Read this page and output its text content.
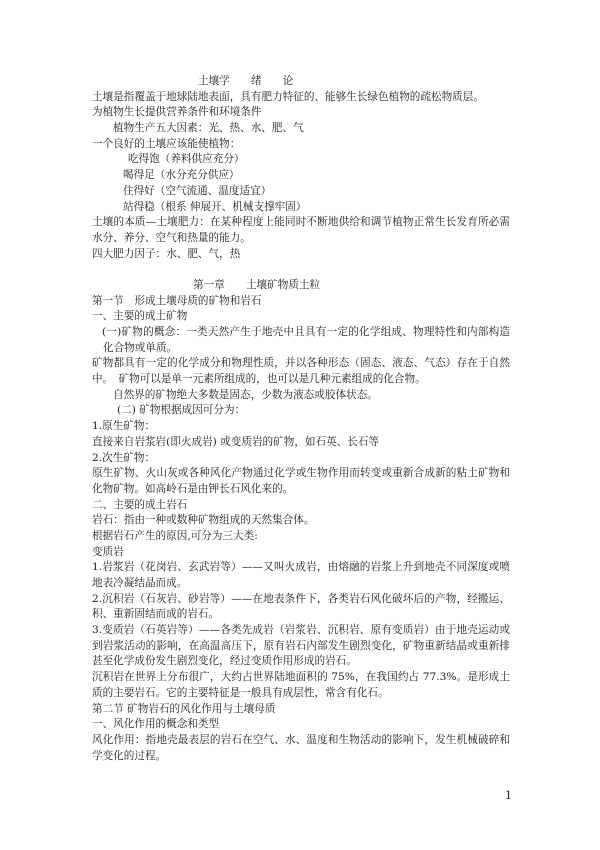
土壤学　　绪　　论
土壤是指覆盖于地球陆地表面，具有肥力特征的、能够生长绿色植物的疏松物质层。
为植物生长提供营养条件和环境条件
植物生产五大因素：光、热、水、肥、气
一个良好的土壤应该能使植物：
吃得饱（养料供应充分）
喝得足（水分充分供应）
住得好（空气流通、温度适宜）
站得稳（根系 伸展开、机械支撑牢固）
土壤的本质—土壤肥力：在某种程度上能同时不断地供给和调节植物正常生长发育所必需
水分、养分、空气和热量的能力。
四大肥力因子：水、肥、气，热
第一章　　土壤矿物质土粒
第一节　形成土壤母质的矿物和岩石
一、主要的成土矿物
(一)矿物的概念：一类天然产生于地壳中且具有一定的化学组成、物理特性和内部构造
化合物或单质。
矿物都具有一定的化学成分和物理性质，并以各种形态（固态、液态、气态）存在于自然
中。　矿物可以是单一元素所组成的，也可以是几种元素组成的化合物。
自然界的矿物绝大多数是固态，少数为液态或胶体状态。
(二) 矿物根据成因可分为：
1.原生矿物：
直接来自岩浆岩(即火成岩) 或变质岩的矿物，如石英、长石等
2.次生矿物：
原生矿物、火山灰或各种风化产物通过化学或生物作用而转变或重新合成新的粘土矿物和
化物矿物。如高岭石是由钾长石风化来的。
二、主要的成土岩石
岩石：指由一种或数种矿物组成的天然集合体。
根据岩石产生的原因,可分为三大类:
变质岩
1.岩浆岩（花岗岩、玄武岩等）——又叫火成岩，由熔融的岩浆上升到地壳不同深度或喷
地表冷凝结晶而成。
2.沉积岩（石灰岩、砂岩等）——在地表条件下，各类岩石风化破坏后的产物，经搬运、
积、重新固结而成的岩石。
3.变质岩（石英岩等）——各类先成岩（岩浆岩、沉积岩、原有变质岩）由于地壳运动或
到岩浆活动的影响，在高温高压下，原有岩石内部发生剧烈变化，矿物重新结晶或重新排
甚至化学成份发生剧烈变化，经过变质作用形成的岩石。
沉积岩在世界上分布很广，大约占世界陆地面积的 75%，在我国约占 77.3%。是形成土
质的主要岩石。它的主要特征是一般具有成层性，常含有化石。
第二节 矿物岩石的风化作用与土壤母质
一、风化作用的概念和类型
风化作用：指地壳最表层的岩石在空气、水、温度和生物活动的影响下，发生机械破碎和
学变化的过程。
1
